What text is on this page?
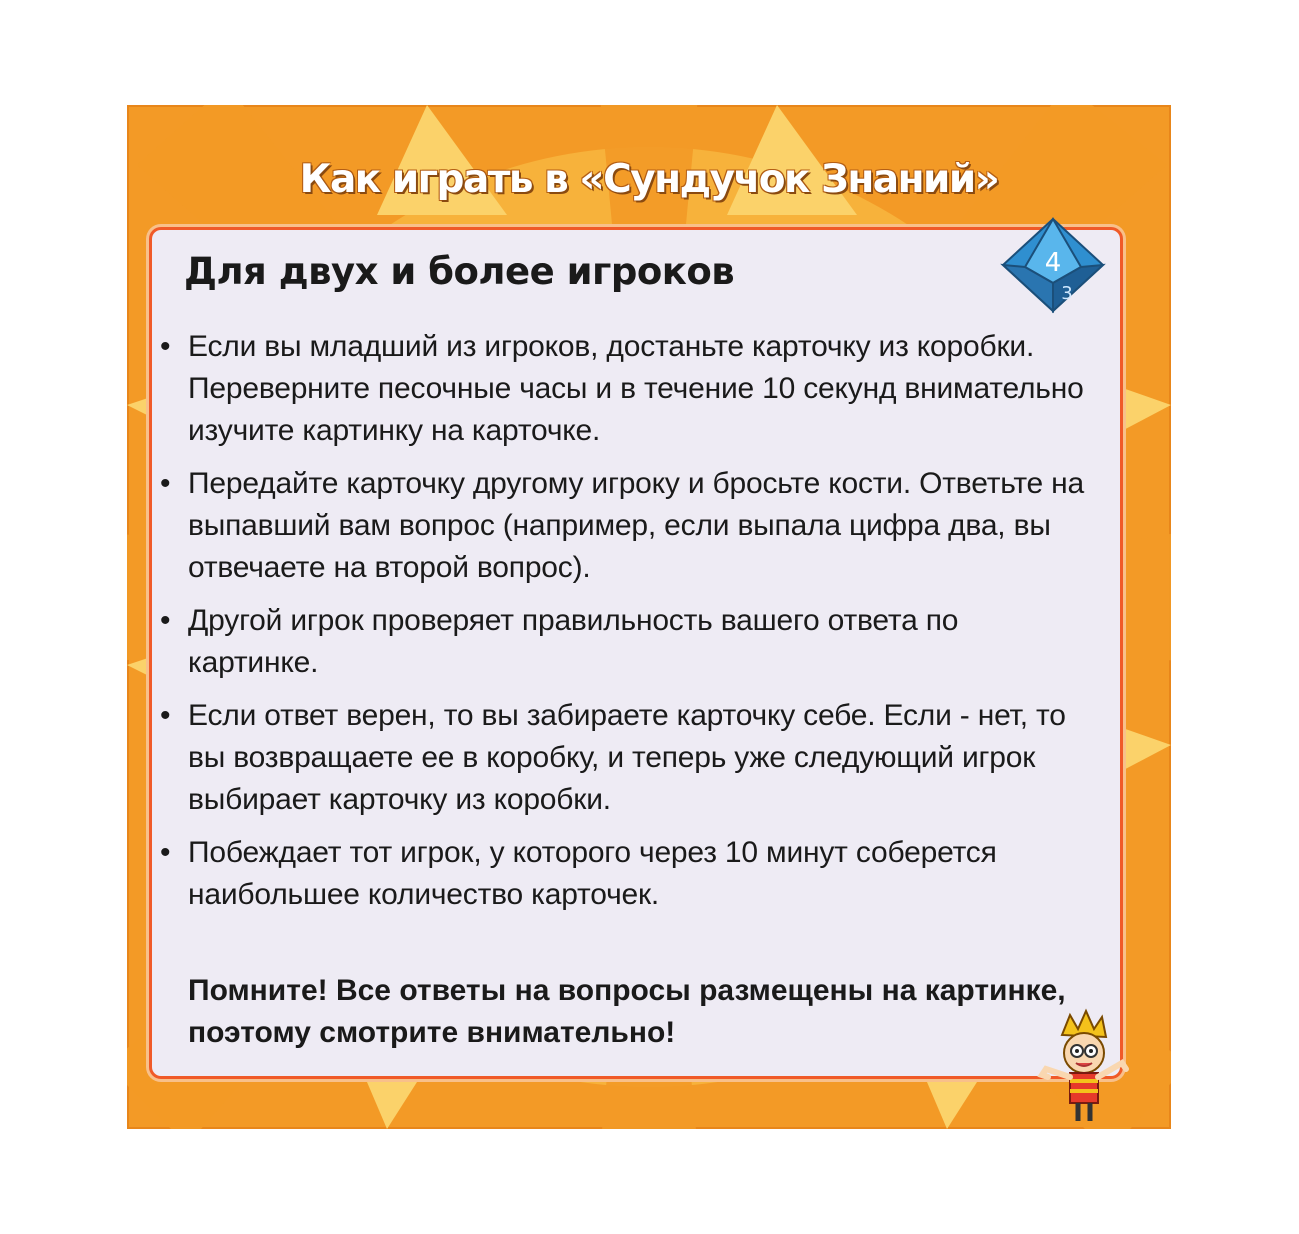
Как играть в «Сундучок Знаний»
Для двух и более игроков
• Если вы младший из игроков, достаньте карточку из коробки. Переверните песочные часы и в течение 10 секунд внимательно изучите картинку на карточке.
• Передайте карточку другому игроку и бросьте кости. Ответьте на выпавший вам вопрос (например, если выпала цифра два, вы отвечаете на второй вопрос).
• Другой игрок проверяет правильность вашего ответа по картинке.
• Если ответ верен, то вы забираете карточку себе. Если - нет, то вы возвращаете ее в коробку, и теперь уже следующий игрок выбирает карточку из коробки.
• Побеждает тот игрок, у которого через 10 минут соберется наибольшее количество карточек.
Помните! Все ответы на вопросы размещены на картинке, поэтому смотрите внимательно!
4
3
